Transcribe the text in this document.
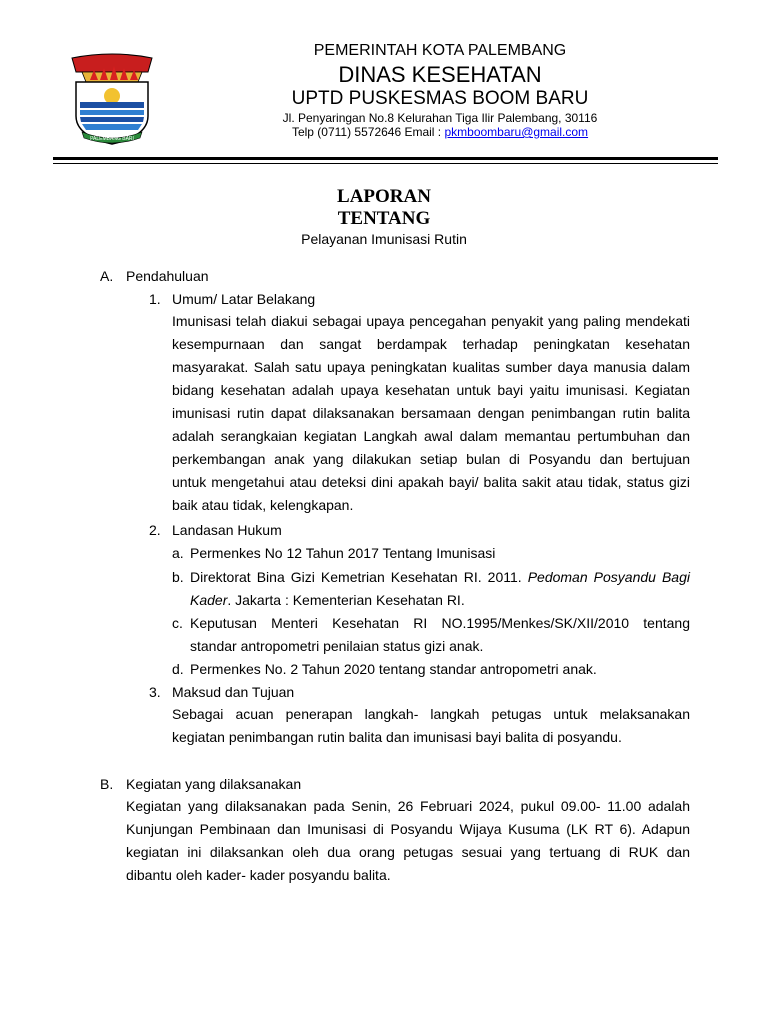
PALEMBANG BARI
PEMERINTAH KOTA PALEMBANG
DINAS KESEHATAN
UPTD PUSKESMAS BOOM BARU
Jl. Penyaringan No.8 Kelurahan Tiga Ilir Palembang, 30116
Telp (0711) 5572646 Email : pkmboombaru@gmail.com
LAPORAN
TENTANG
Pelayanan Imunisasi Rutin
A. Pendahuluan
1. Umum/ Latar Belakang
Imunisasi telah diakui sebagai upaya pencegahan penyakit yang paling mendekati
kesempurnaan dan sangat berdampak terhadap peningkatan kesehatan
masyarakat. Salah satu upaya peningkatan kualitas sumber daya manusia dalam
bidang kesehatan adalah upaya kesehatan untuk bayi yaitu imunisasi. Kegiatan
imunisasi rutin dapat dilaksanakan bersamaan dengan penimbangan rutin balita
adalah serangkaian kegiatan Langkah awal dalam memantau pertumbuhan dan
perkembangan anak yang dilakukan setiap bulan di Posyandu dan bertujuan
untuk mengetahui atau deteksi dini apakah bayi/ balita sakit atau tidak, status gizi
baik atau tidak, kelengkapan.
2. Landasan Hukum
a. Permenkes No 12 Tahun 2017 Tentang Imunisasi
b. Direktorat Bina Gizi Kemetrian Kesehatan RI. 2011. Pedoman Posyandu Bagi
Kader. Jakarta : Kementerian Kesehatan RI.
c. Keputusan Menteri Kesehatan RI NO.1995/Menkes/SK/XII/2010 tentang
standar antropometri penilaian status gizi anak.
d. Permenkes No. 2 Tahun 2020 tentang standar antropometri anak.
3. Maksud dan Tujuan
Sebagai acuan penerapan langkah- langkah petugas untuk melaksanakan
kegiatan penimbangan rutin balita dan imunisasi bayi balita di posyandu.
B. Kegiatan yang dilaksanakan
Kegiatan yang dilaksanakan pada Senin, 26 Februari 2024, pukul 09.00- 11.00 adalah
Kunjungan Pembinaan dan Imunisasi di Posyandu Wijaya Kusuma (LK RT 6). Adapun
kegiatan ini dilaksankan oleh dua orang petugas sesuai yang tertuang di RUK dan
dibantu oleh kader- kader posyandu balita.
